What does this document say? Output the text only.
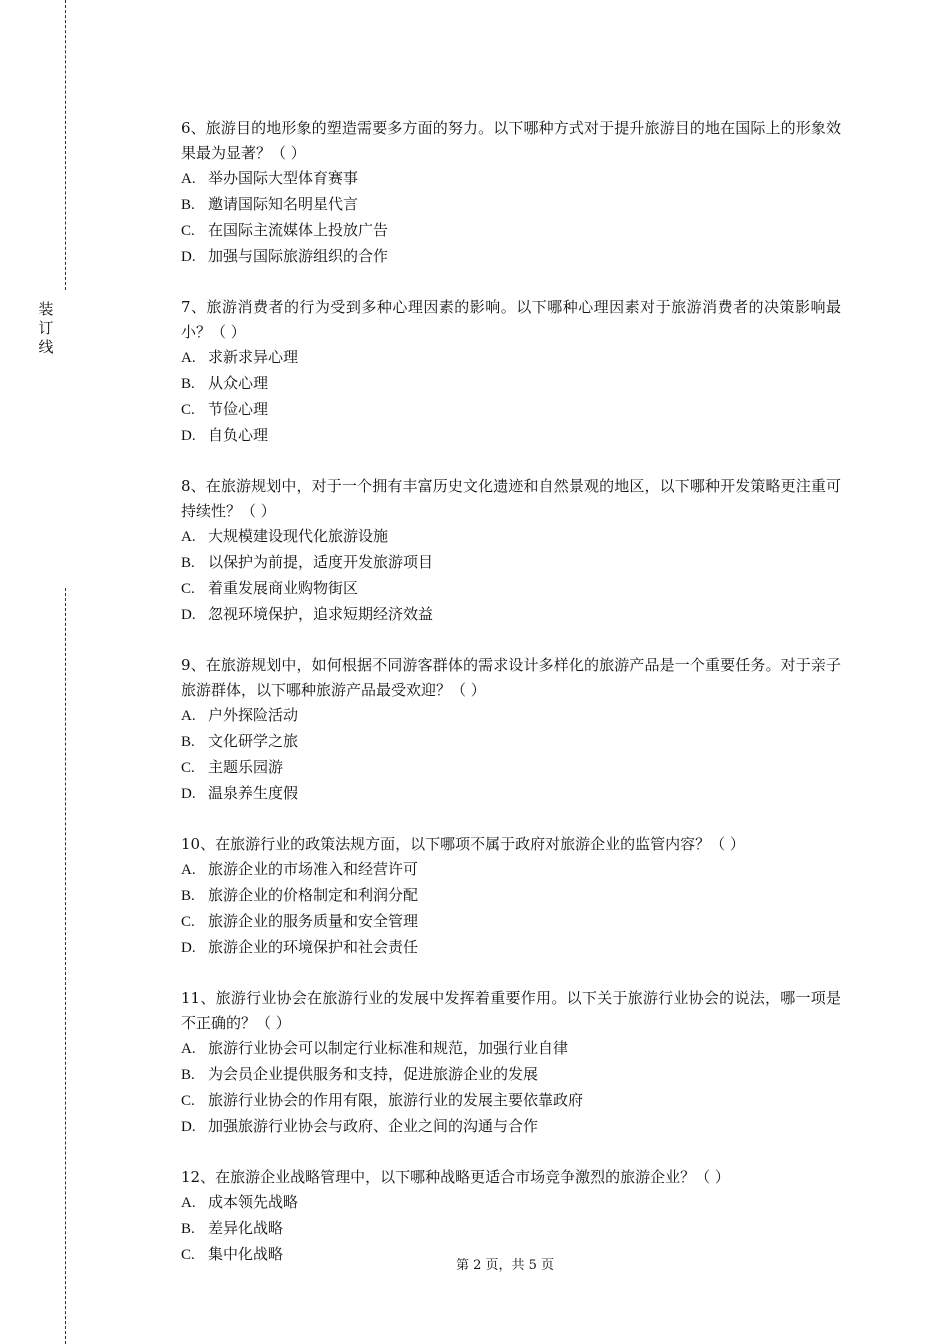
装
订
线
6、旅游目的地形象的塑造需要多方面的努力。以下哪种方式对于提升旅游目的地在国际上的形象效果最为显著？（ ）
A. 举办国际大型体育赛事
B. 邀请国际知名明星代言
C. 在国际主流媒体上投放广告
D. 加强与国际旅游组织的合作
7、旅游消费者的行为受到多种心理因素的影响。以下哪种心理因素对于旅游消费者的决策影响最小？（ ）
A. 求新求异心理
B. 从众心理
C. 节俭心理
D. 自负心理
8、在旅游规划中，对于一个拥有丰富历史文化遗迹和自然景观的地区，以下哪种开发策略更注重可持续性？（ ）
A. 大规模建设现代化旅游设施
B. 以保护为前提，适度开发旅游项目
C. 着重发展商业购物街区
D. 忽视环境保护，追求短期经济效益
9、在旅游规划中，如何根据不同游客群体的需求设计多样化的旅游产品是一个重要任务。对于亲子旅游群体，以下哪种旅游产品最受欢迎？（ ）
A. 户外探险活动
B. 文化研学之旅
C. 主题乐园游
D. 温泉养生度假
10、在旅游行业的政策法规方面，以下哪项不属于政府对旅游企业的监管内容？（ ）
A. 旅游企业的市场准入和经营许可
B. 旅游企业的价格制定和利润分配
C. 旅游企业的服务质量和安全管理
D. 旅游企业的环境保护和社会责任
11、旅游行业协会在旅游行业的发展中发挥着重要作用。以下关于旅游行业协会的说法，哪一项是不正确的？（ ）
A. 旅游行业协会可以制定行业标准和规范，加强行业自律
B. 为会员企业提供服务和支持，促进旅游企业的发展
C. 旅游行业协会的作用有限，旅游行业的发展主要依靠政府
D. 加强旅游行业协会与政府、企业之间的沟通与合作
12、在旅游企业战略管理中，以下哪种战略更适合市场竞争激烈的旅游企业？（ ）
A. 成本领先战略
B. 差异化战略
C. 集中化战略
第 2 页，共 5 页
